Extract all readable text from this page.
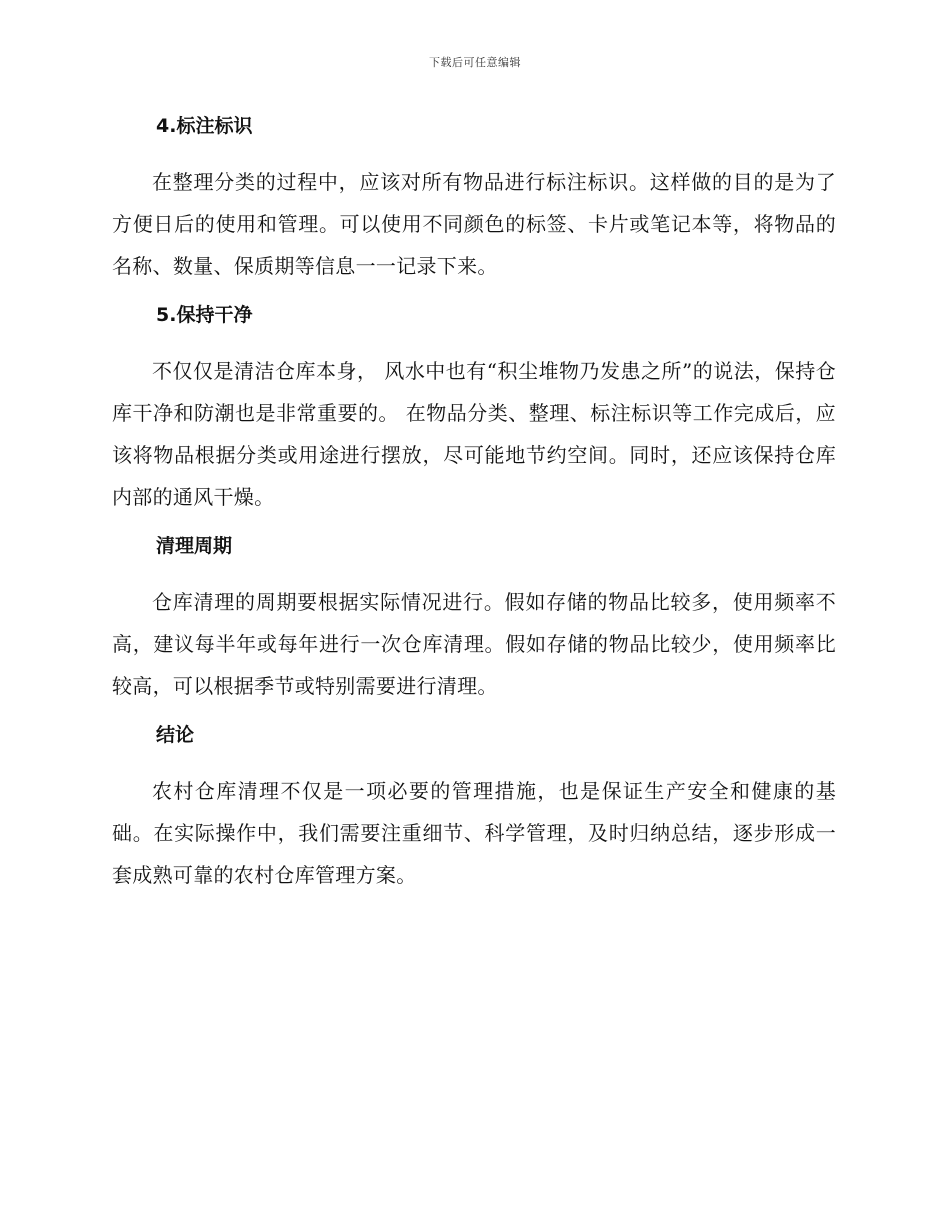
下载后可任意编辑
4.标注标识

在整理分类的过程中，应该对所有物品进行标注标识。这样做的目的是为了方便日后的使用和管理。可以使用不同颜色的标签、卡片或笔记本等，将物品的名称、数量、保质期等信息一一记录下来。

5.保持干净

不仅仅是清洁仓库本身， 风水中也有“积尘堆物乃发患之所”的说法，保持仓库干净和防潮也是非常重要的。 在物品分类、整理、标注标识等工作完成后，应该将物品根据分类或用途进行摆放，尽可能地节约空间。同时，还应该保持仓库内部的通风干燥。

清理周期

仓库清理的周期要根据实际情况进行。假如存储的物品比较多，使用频率不高，建议每半年或每年进行一次仓库清理。假如存储的物品比较少，使用频率比较高，可以根据季节或特别需要进行清理。

结论

农村仓库清理不仅是一项必要的管理措施，也是保证生产安全和健康的基础。在实际操作中，我们需要注重细节、科学管理，及时归纳总结，逐步形成一套成熟可靠的农村仓库管理方案。
